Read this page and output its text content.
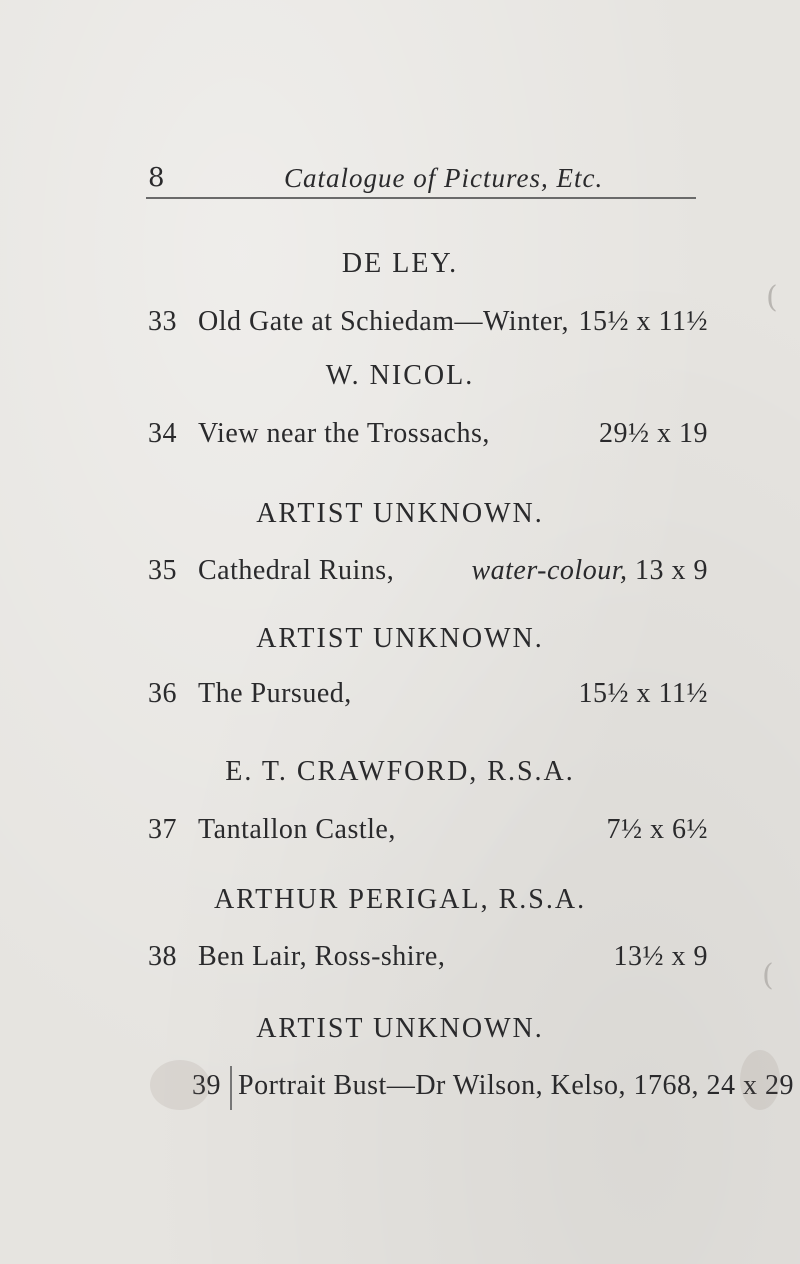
8	Catalogue of Pictures, Etc.
DE LEY.
33 Old Gate at Schiedam—Winter, 15½ x 11½
W. NICOL.
34 View near the Trossachs,	29½ x 19
ARTIST UNKNOWN.
35 Cathedral Ruins,	water-colour, 13 x 9
ARTIST UNKNOWN.
36 The Pursued,	15½ x 11½
E. T. CRAWFORD, R.S.A.
37 Tantallon Castle,	7½ x 6½
ARTHUR PERIGAL, R.S.A.
38 Ben Lair, Ross-shire,	13½ x 9
ARTIST UNKNOWN.
39 Portrait Bust—Dr Wilson, Kelso, 1768, 24 x 29
(
(
